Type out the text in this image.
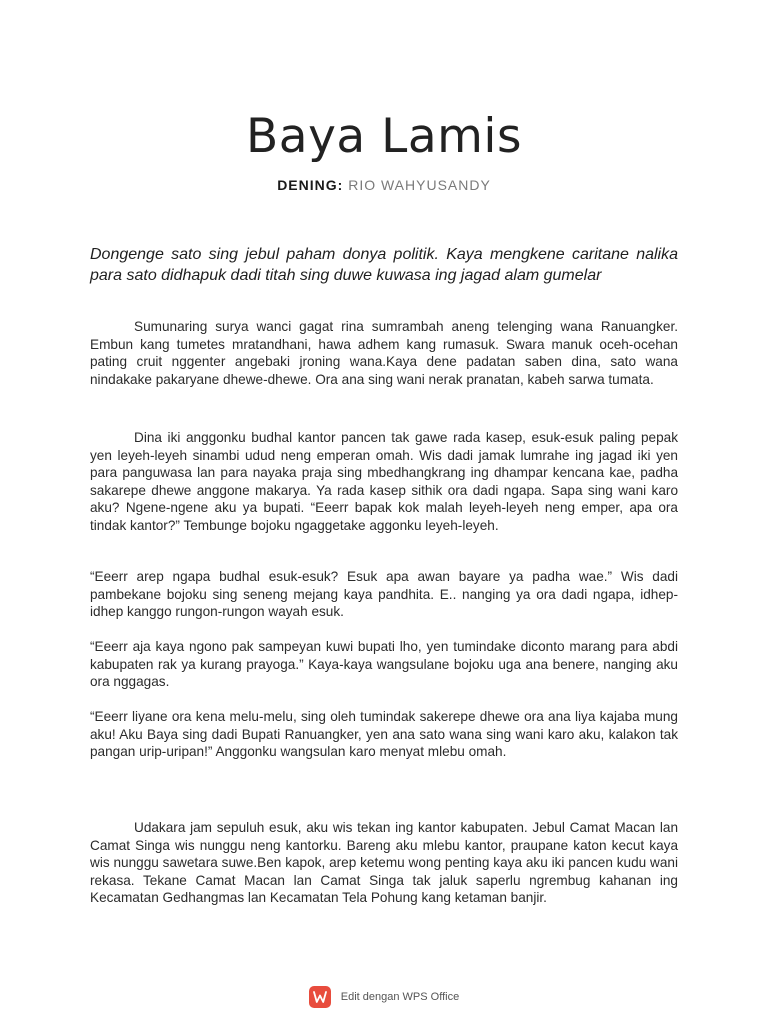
Baya Lamis
DENING: RIO WAHYUSANDY
Dongenge sato sing jebul paham donya politik. Kaya mengkene caritane nalika para sato didhapuk dadi titah sing duwe kuwasa ing jagad alam gumelar

Sumunaring surya wanci gagat rina sumrambah aneng telenging wana Ranuangker. Embun kang tumetes mratandhani, hawa adhem kang rumasuk. Swara manuk oceh-ocehan pating cruit nggenter angebaki jroning wana.Kaya dene padatan saben dina, sato wana nindakake pakaryane dhewe-dhewe. Ora ana sing wani nerak pranatan, kabeh sarwa tumata.

Dina iki anggonku budhal kantor pancen tak gawe rada kasep, esuk-esuk paling pepak yen leyeh-leyeh sinambi udud neng emperan omah. Wis dadi jamak lumrahe ing jagad iki yen para panguwasa lan para nayaka praja sing mbedhangkrang ing dhampar kencana kae, padha sakarepe dhewe anggone makarya. Ya rada kasep sithik ora dadi ngapa. Sapa sing wani karo aku? Ngene-ngene aku ya bupati. “Eeerr bapak kok malah leyeh-leyeh neng emper, apa ora tindak kantor?” Tembunge bojoku ngaggetake aggonku leyeh-leyeh.

“Eeerr arep ngapa budhal esuk-esuk? Esuk apa awan bayare ya padha wae.” Wis dadi pambekane bojoku sing seneng mejang kaya pandhita. E.. nanging ya ora dadi ngapa, idhep-idhep kanggo rungon-rungon wayah esuk.

“Eeerr aja kaya ngono pak sampeyan kuwi bupati lho, yen tumindake diconto marang para abdi kabupaten rak ya kurang prayoga.” Kaya-kaya wangsulane bojoku uga ana benere, nanging aku ora nggagas.

“Eeerr liyane ora kena melu-melu, sing oleh tumindak sakerepe dhewe ora ana liya kajaba mung aku! Aku Baya sing dadi Bupati Ranuangker, yen ana sato wana sing wani karo aku, kalakon tak pangan urip-uripan!” Anggonku wangsulan karo menyat mlebu omah.

Udakara jam sepuluh esuk, aku wis tekan ing kantor kabupaten. Jebul Camat Macan lan Camat Singa wis nunggu neng kantorku. Bareng aku mlebu kantor, praupane katon kecut kaya wis nunggu sawetara suwe.Ben kapok, arep ketemu wong penting kaya aku iki pancen kudu wani rekasa. Tekane Camat Macan lan Camat Singa tak jaluk saperlu ngrembug kahanan ing Kecamatan Gedhangmas lan Kecamatan Tela Pohung kang ketaman banjir.

Edit dengan WPS Office
